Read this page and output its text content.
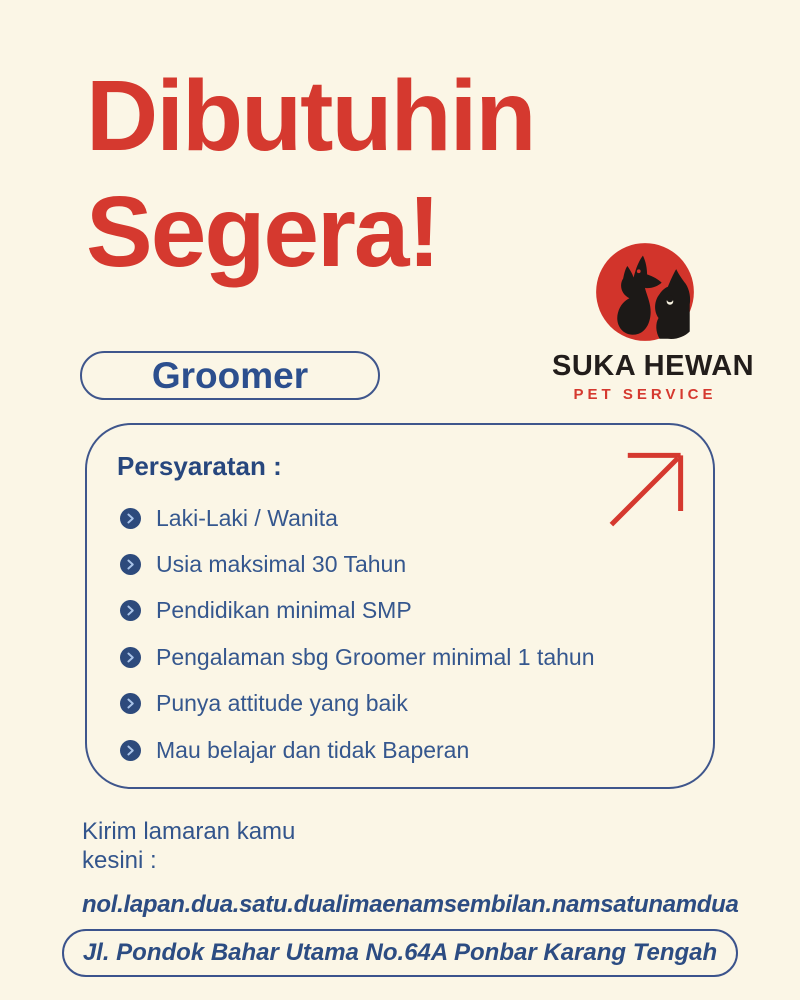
Dibutuhin
Segera!
SUKA HEWAN
PET SERVICE
Groomer
Persyaratan :
Laki-Laki / Wanita
Usia maksimal 30 Tahun
Pendidikan minimal SMP
Pengalaman sbg Groomer minimal 1 tahun
Punya attitude yang baik
Mau belajar dan tidak Baperan
Kirim lamaran kamu
kesini :
nol.lapan.dua.satu.dualimaenamsembilan.namsatunamdua
Jl. Pondok Bahar Utama No.64A Ponbar Karang Tengah
